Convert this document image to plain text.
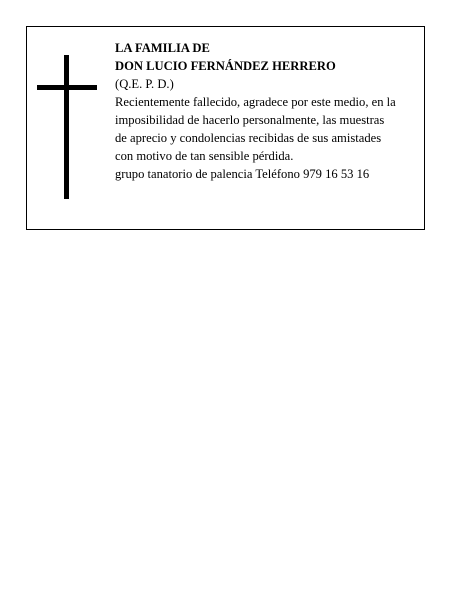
LA FAMILIA DE
DON LUCIO FERNÁNDEZ HERRERO
(Q.E. P. D.)
Recientemente fallecido, agradece por este medio, en la
imposibilidad de hacerlo personalmente, las muestras
de aprecio y condolencias recibidas de sus amistades
con motivo de tan sensible pérdida.
grupo tanatorio de palencia Teléfono 979 16 53 16
